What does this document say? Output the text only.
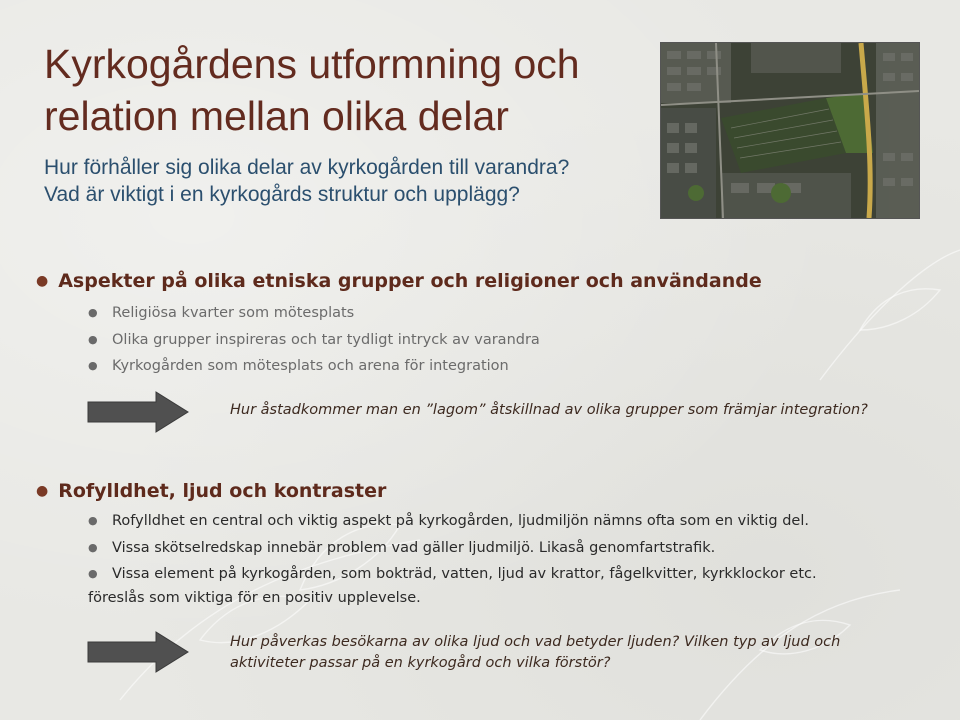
Kyrkogårdens utformning och
relation mellan olika delar
Hur förhåller sig olika delar av kyrkogården till varandra?
Vad är viktigt i en kyrkogårds struktur och upplägg?
● Aspekter på olika etniska grupper och religioner och användande
● Religiösa kvarter som mötesplats
● Olika grupper inspireras och tar tydligt intryck av varandra
● Kyrkogården som mötesplats och arena för integration
Hur åstadkommer man en ”lagom” åtskillnad av olika grupper som främjar integration?
● Rofylldhet, ljud och kontraster
● Rofylldhet en central och viktig aspekt på kyrkogården, ljudmiljön nämns ofta som en viktig del.
● Vissa skötselredskap innebär problem vad gäller ljudmiljö. Likaså genomfartstrafik.
● Vissa element på kyrkogården, som bokträd, vatten, ljud av krattor, fågelkvitter, kyrkklockor etc.
föreslås som viktiga för en positiv upplevelse.
Hur påverkas besökarna av olika ljud och vad betyder ljuden? Vilken typ av ljud och
aktiviteter passar på en kyrkogård och vilka förstör?
